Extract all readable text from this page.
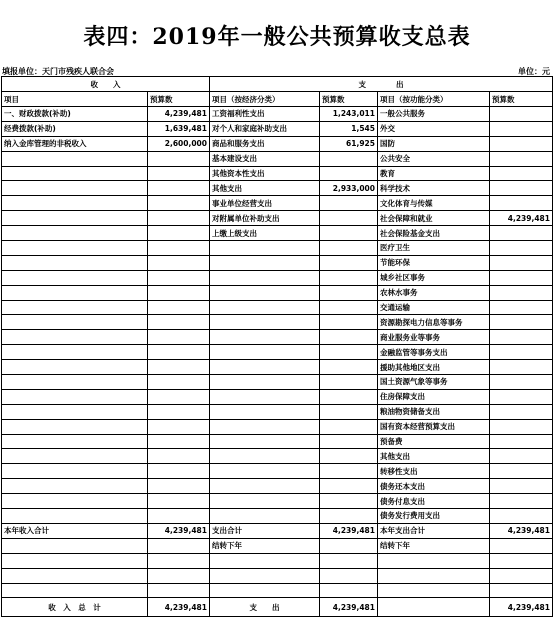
表四：2019年一般公共预算收支总表
填报单位：天门市残疾人联合会	单位：元
收　　入		支　　　　出			
项目	预算数	项目（按经济分类）	预算数	项目（按功能分类）	预算数
一、财政拨款(补助)	4,239,481	工资福利性支出	1,243,011	一般公共服务	
经费拨款(补助)	1,639,481	对个人和家庭补助支出	1,545	外交	
纳入金库管理的非税收入	2,600,000	商品和服务支出	61,925	国防	
		基本建设支出		公共安全	
		其他资本性支出		教育	
		其他支出	2,933,000	科学技术	
		事业单位经营支出		文化体育与传媒	
		对附属单位补助支出		社会保障和就业	4,239,481
		上缴上级支出		社会保险基金支出	
				医疗卫生	
				节能环保	
				城乡社区事务	
				农林水事务	
				交通运输	
				资源勘探电力信息等事务	
				商业服务业等事务	
				金融监管等事务支出	
				援助其他地区支出	
				国土资源气象等事务	
				住房保障支出	
				粮油物资储备支出	
				国有资本经营预算支出	
				预备费	
				其他支出	
				转移性支出	
				债务还本支出	
				债务付息支出	
				债务发行费用支出	
本年收入合计	4,239,481	支出合计	4,239,481	本年支出合计	4,239,481
		结转下年		结转下年	

收　入　总　计	4,239,481	支　　出	4,239,481		4,239,481
